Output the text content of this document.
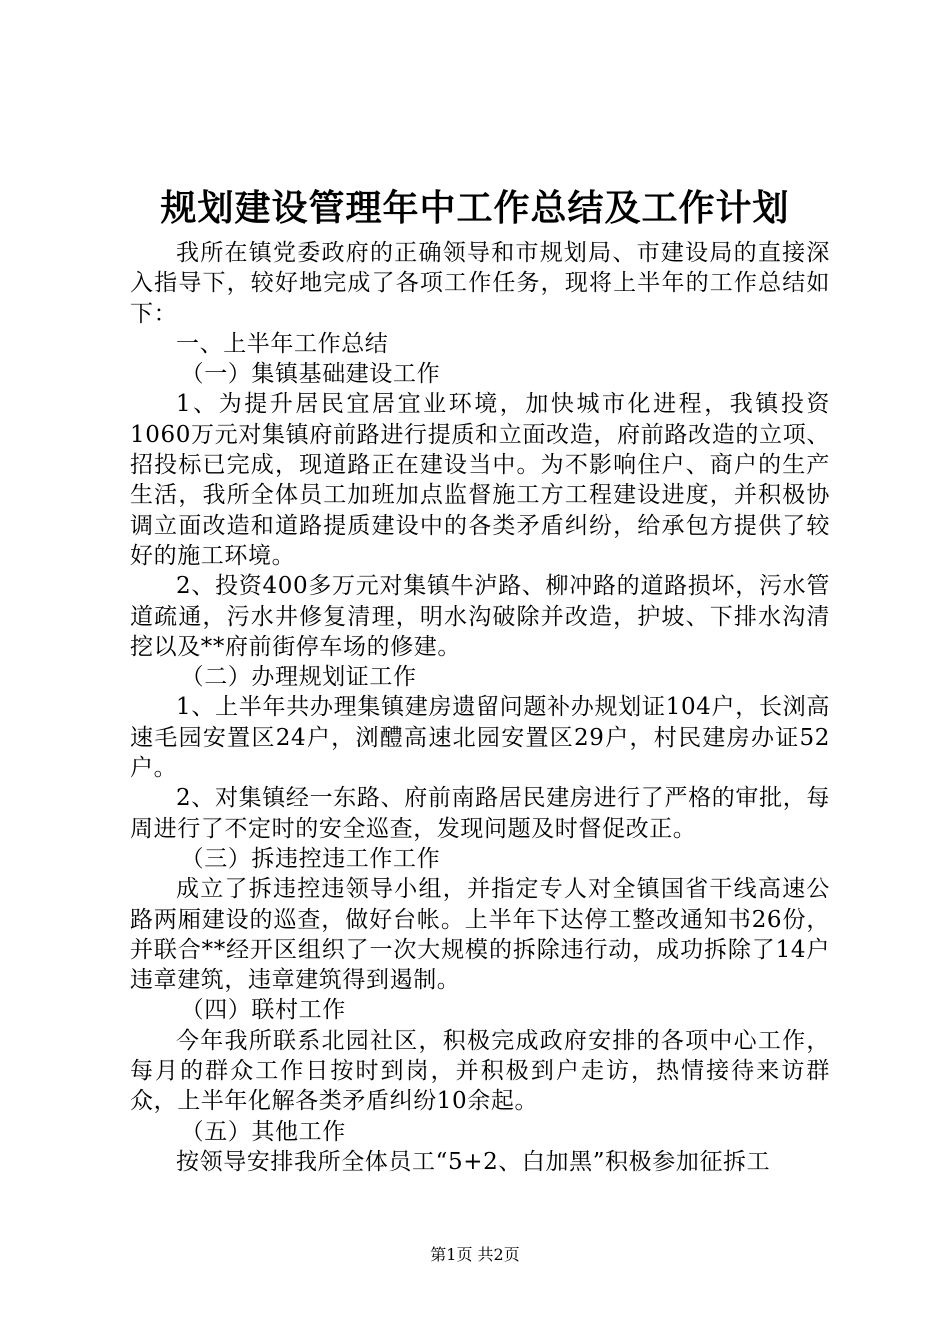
规划建设管理年中工作总结及工作计划

我所在镇党委政府的正确领导和市规划局、市建设局的直接深入指导下，较好地完成了各项工作任务，现将上半年的工作总结如下：

一、上半年工作总结

（一）集镇基础建设工作

1、为提升居民宜居宜业环境，加快城市化进程，我镇投资1060万元对集镇府前路进行提质和立面改造，府前路改造的立项、招投标已完成，现道路正在建设当中。为不影响住户、商户的生产生活，我所全体员工加班加点监督施工方工程建设进度，并积极协调立面改造和道路提质建设中的各类矛盾纠纷，给承包方提供了较好的施工环境。

2、投资400多万元对集镇牛泸路、柳冲路的道路损坏，污水管道疏通，污水井修复清理，明水沟破除并改造，护坡、下排水沟清挖以及**府前街停车场的修建。

（二）办理规划证工作

1、上半年共办理集镇建房遗留问题补办规划证104户，长浏高速毛园安置区24户，浏醴高速北园安置区29户，村民建房办证52户。

2、对集镇经一东路、府前南路居民建房进行了严格的审批，每周进行了不定时的安全巡查，发现问题及时督促改正。

（三）拆违控违工作工作

成立了拆违控违领导小组，并指定专人对全镇国省干线高速公路两厢建设的巡查，做好台帐。上半年下达停工整改通知书26份，并联合**经开区组织了一次大规模的拆除违行动，成功拆除了14户违章建筑，违章建筑得到遏制。

（四）联村工作

今年我所联系北园社区，积极完成政府安排的各项中心工作，每月的群众工作日按时到岗，并积极到户走访，热情接待来访群众，上半年化解各类矛盾纠纷10余起。

（五）其他工作

按领导安排我所全体员工“5+2、白加黑”积极参加征拆工

第1页 共2页
